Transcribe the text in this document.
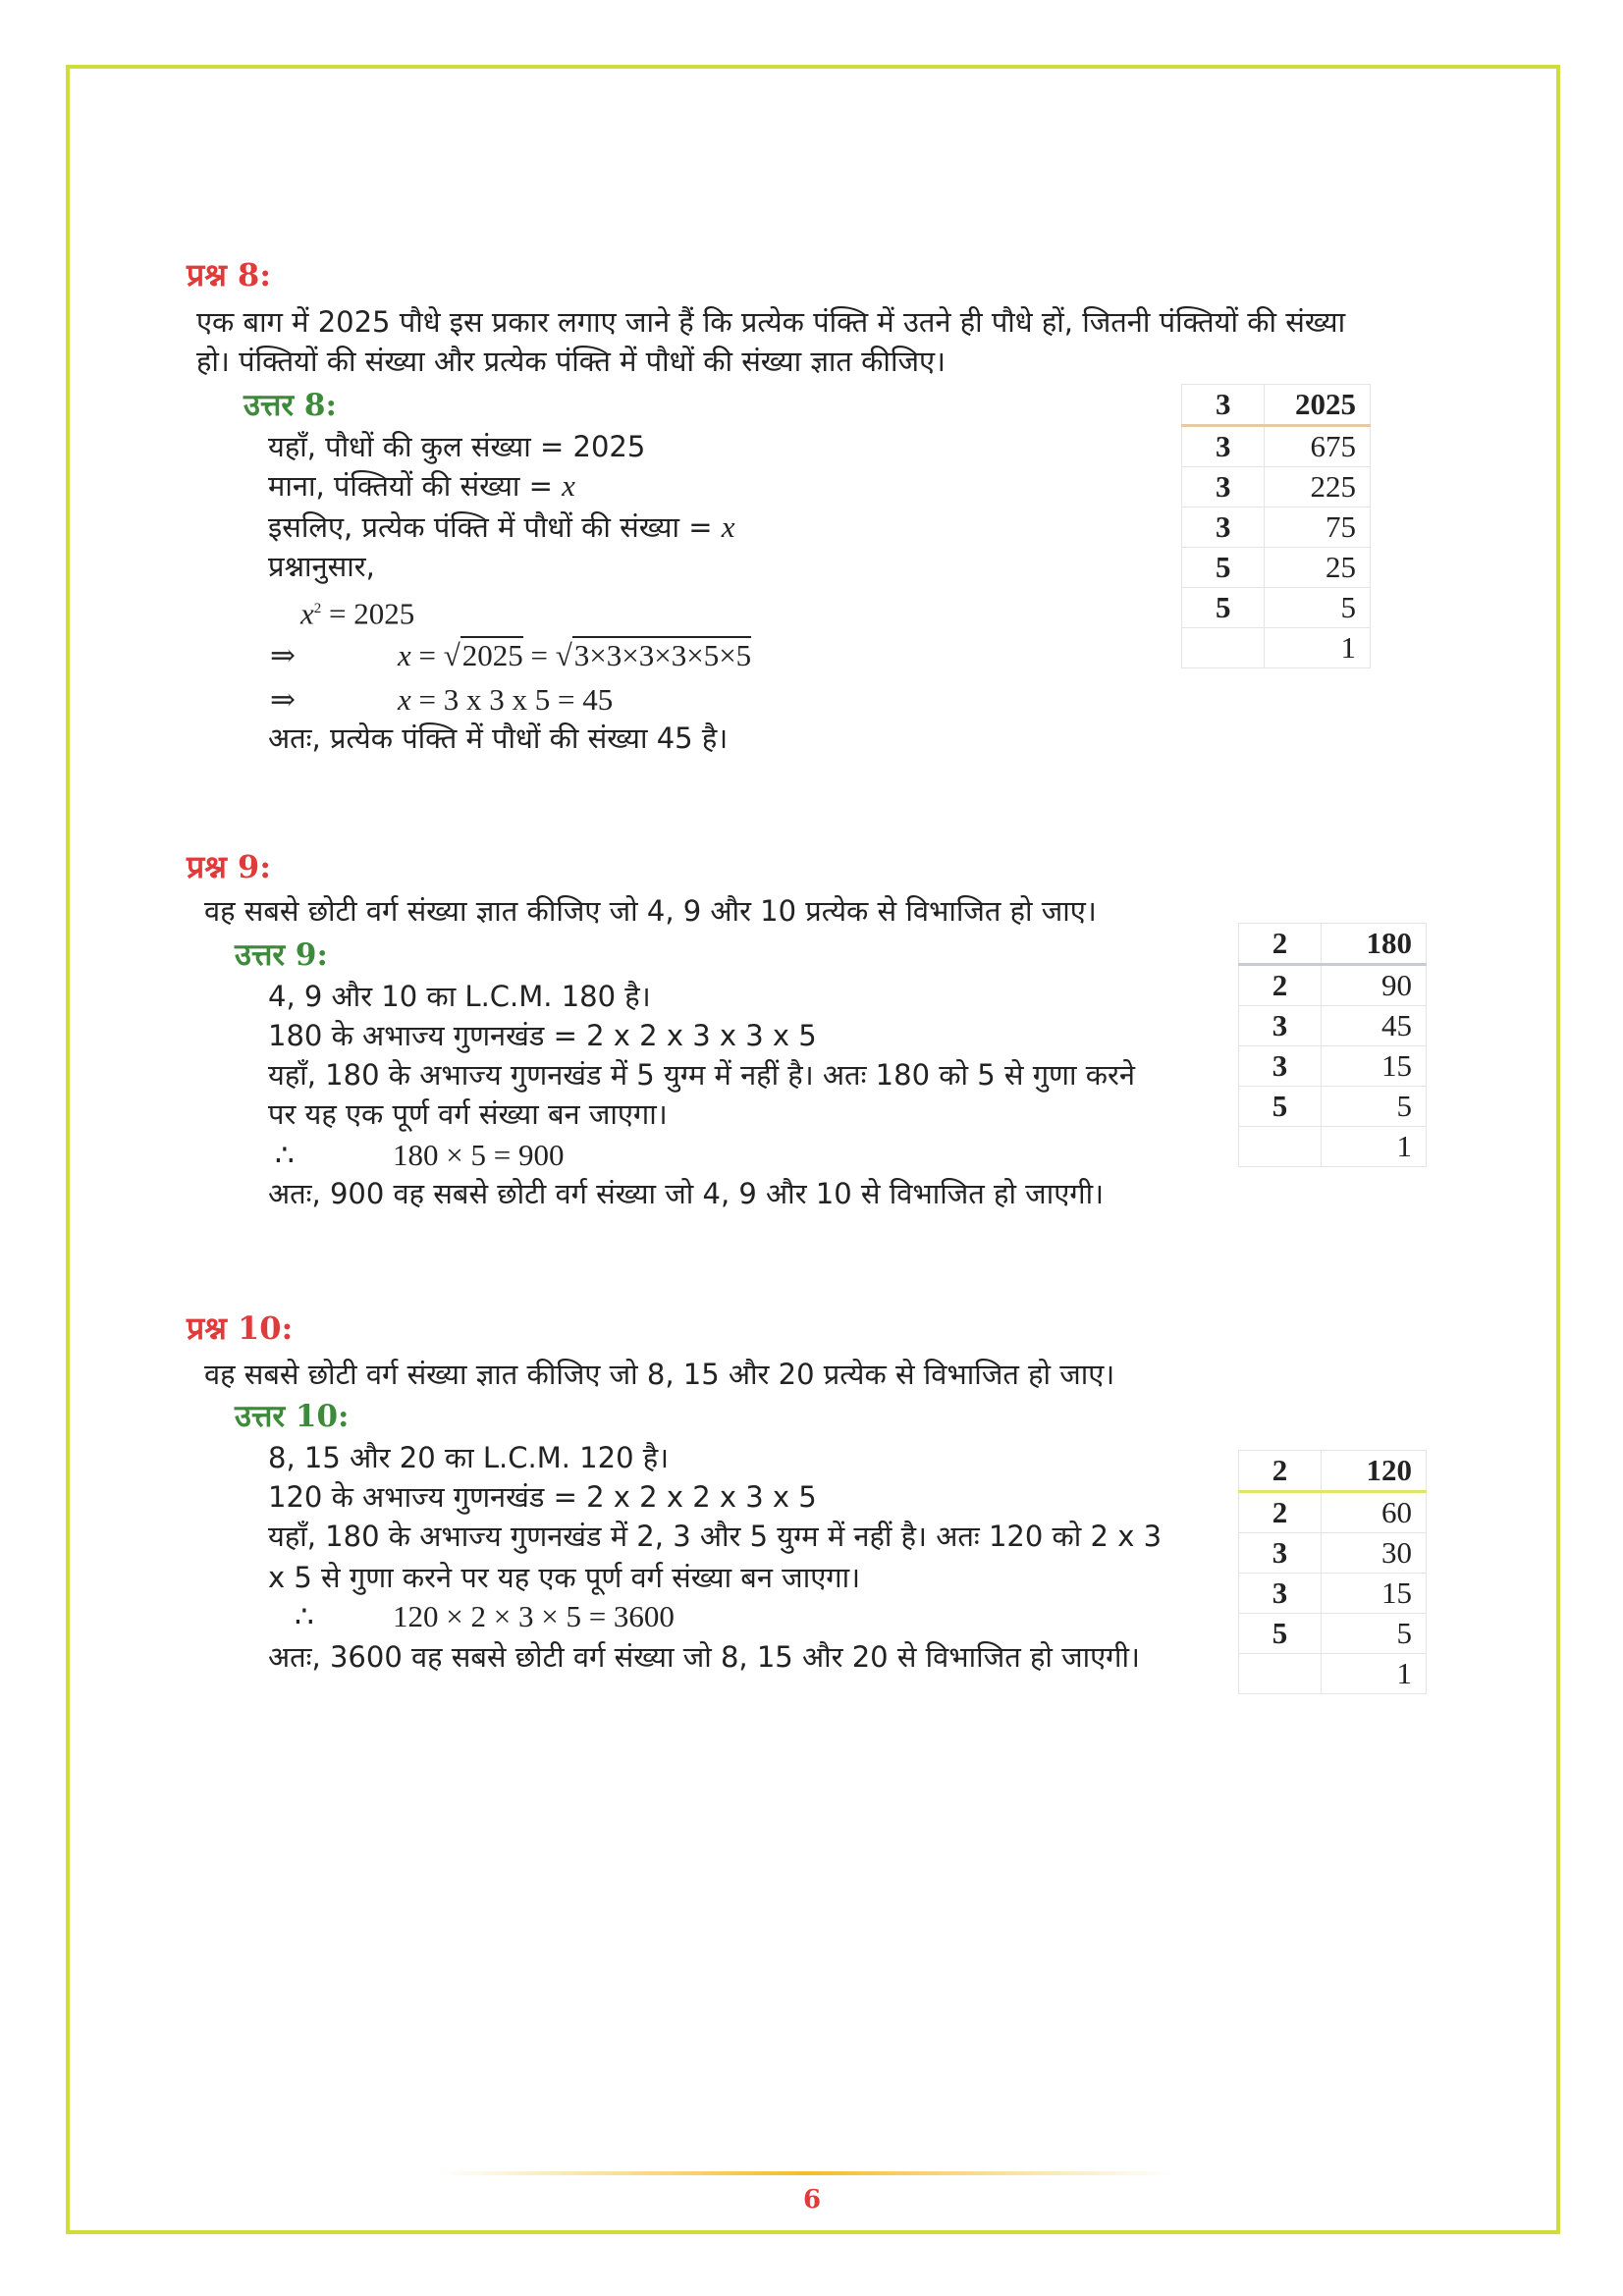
प्रश्न 8:
एक बाग में 2025 पौधे इस प्रकार लगाए जाने हैं कि प्रत्येक पंक्ति में उतने ही पौधे हों, जितनी पंक्तियों की संख्या
हो। पंक्तियों की संख्या और प्रत्येक पंक्ति में पौधों की संख्या ज्ञात कीजिए।
उत्तर 8:
यहाँ, पौधों की कुल संख्या = 2025
माना, पंक्तियों की संख्या = x
इसलिए, प्रत्येक पंक्ति में पौधों की संख्या = x
प्रश्नानुसार,
$x^2 = 2025$
⇒	x = √2025 = √3×3×3×3×5×5
⇒	x = 3 x 3 x 5 = 45
अतः, प्रत्येक पंक्ति में पौधों की संख्या 45 है।
3	2025
3	675
3	225
3	75
5	25
5	5
	1
प्रश्न 9:
वह सबसे छोटी वर्ग संख्या ज्ञात कीजिए जो 4, 9 और 10 प्रत्येक से विभाजित हो जाए।
उत्तर 9:
4, 9 और 10 का L.C.M. 180 है।
180 के अभाज्य गुणनखंड = 2 x 2 x 3 x 3 x 5
यहाँ, 180 के अभाज्य गुणनखंड में 5 युग्म में नहीं है। अतः 180 को 5 से गुणा करने
पर यह एक पूर्ण वर्ग संख्या बन जाएगा।
∴	180 × 5 = 900
अतः, 900 वह सबसे छोटी वर्ग संख्या जो 4, 9 और 10 से विभाजित हो जाएगी।
2	180
2	90
3	45
3	15
5	5
	1
प्रश्न 10:
वह सबसे छोटी वर्ग संख्या ज्ञात कीजिए जो 8, 15 और 20 प्रत्येक से विभाजित हो जाए।
उत्तर 10:
8, 15 और 20 का L.C.M. 120 है।
120 के अभाज्य गुणनखंड = 2 x 2 x 2 x 3 x 5
यहाँ, 180 के अभाज्य गुणनखंड में 2, 3 और 5 युग्म में नहीं है। अतः 120 को 2 x 3
x 5 से गुणा करने पर यह एक पूर्ण वर्ग संख्या बन जाएगा।
∴	120 × 2 × 3 × 5 = 3600
अतः, 3600 वह सबसे छोटी वर्ग संख्या जो 8, 15 और 20 से विभाजित हो जाएगी।
2	120
2	60
3	30
3	15
5	5
	1
6
